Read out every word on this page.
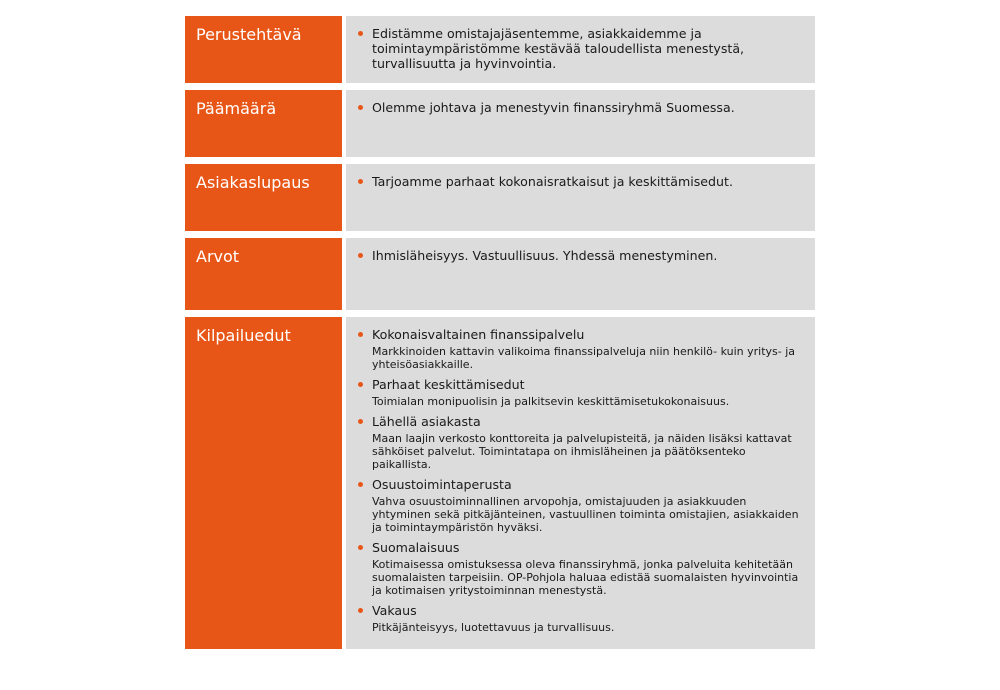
Perustehtävä	Edistämme omistajajäsentemme, asiakkaidemme ja toimintaympäristömme kestävää taloudellista menestystä, turvallisuutta ja hyvinvointia.
Päämäärä	Olemme johtava ja menestyvin finanssiryhmä Suomessa.
Asiakaslupaus	Tarjoamme parhaat kokonaisratkaisut ja keskittämisedut.
Arvot	Ihmisläheisyys. Vastuullisuus. Yhdessä menestyminen.
Kilpailuedut	Kokonaisvaltainen finanssipalvelu
Markkinoiden kattavin valikoima finanssipalveluja niin henkilö- kuin yritys- ja yhteisöasiakkaille.
Parhaat keskittämisedut
Toimialan monipuolisin ja palkitsevin keskittämisetukokonaisuus.
Lähellä asiakasta
Maan laajin verkosto konttoreita ja palvelupisteitä, ja näiden lisäksi kattavat sähköiset palvelut. Toimintatapa on ihmisläheinen ja päätöksenteko paikallista.
Osuustoimintaperusta
Vahva osuustoiminnallinen arvopohja, omistajuuden ja asiakkuuden yhtyminen sekä pitkäjänteinen, vastuullinen toiminta omistajien, asiakkaiden ja toimintaympäristön hyväksi.
Suomalaisuus
Kotimaisessa omistuksessa oleva finanssiryhmä, jonka palveluita kehitetään suomalaisten tarpeisiin. OP-Pohjola haluaa edistää suomalaisten hyvinvointia ja kotimaisen yritystoiminnan menestystä.
Vakaus
Pitkäjänteisyys, luotettavuus ja turvallisuus.
